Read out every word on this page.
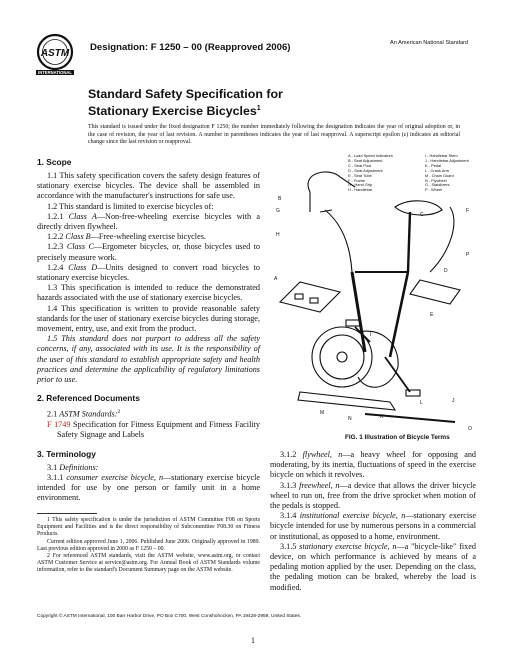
ASTM
INTERNATIONAL
Designation: F 1250 – 00 (Reapproved 2006)	An American National Standard
Standard Safety Specification for
Stationary Exercise Bicycles$^1$
This standard is issued under the fixed designation F 1250; the number immediately following the designation indicates the year of original adoption or, in the case of revision, the year of last revision. A number in parentheses indicates the year of last reapproval. A superscript epsilon (ε) indicates an editorial change since the last revision or reapproval.
1. Scope

1.1 This safety specification covers the safety design features of stationary exercise bicycles. The device shall be assembled in accordance with the manufacturer's instructions for safe use.

1.2 This standard is limited to exercise bicycles of:

1.2.1 Class A—Non-free-wheeling exercise bicycles with a directly driven flywheel.

1.2.2 Class B—Free-wheeling exercise bicycles.

1.2.3 Class C—Ergometer bicycles, or, those bicycles used to precisely measure work.

1.2.4 Class D—Units designed to convert road bicycles to stationary exercise bicycles.

1.3 This specification is intended to reduce the demonstrated hazards associated with the use of stationary exercise bicycles.

1.4 This specification is written to provide reasonable safety standards for the user of stationary exercise bicycles during storage, movement, entry, use, and exit from the product.

1.5 This standard does not purport to address all the safety concerns, if any, associated with its use. It is the responsibility of the user of this standard to establish appropriate safety and health practices and determine the applicability of regulatory limitations prior to use.

2. Referenced Documents

2.1 ASTM Standards:$^2$

F 1749 Specification for Fitness Equipment and Fitness Facility Safety Signage and Labels

3. Terminology

3.1 Definitions:

3.1.1 consumer exercise bicycle, n—stationary exercise bicycle intended for use by one person or family unit in a home environment.

1 This safety specification is under the jurisdiction of ASTM Committee F08 on Sports Equipment and Facilities and is the direct responsibility of Subcommittee F08.30 on Fitness Products.

Current edition approved June 1, 2006. Published June 2006. Originally approved in 1989. Last previous edition approved in 2000 as F 1250 – 00.

2 For referenced ASTM standards, visit the ASTM website, www.astm.org, or contact ASTM Customer Service at service@astm.org. For Annual Book of ASTM Standards volume information, refer to the standard's Document Summary page on the ASTM website.

A - Load Speed Indicators
B - Seat Adjustment
C - Seat Post
D - Seat Adjustment
E - Seat Tube
F - Frame
G - Hand Grip
H - Handlebar
I - Handlebar Stem
J - Handlebar Adjustment
K - Pedal
L - Crank Arm
M - Chain Guard
N - Flywheel
O - Stabilizers
P - Wheel
A
B
C
D
E
F
G
H
I
J
K
L
M
N
O
P
FIG. 1 Illustration of Bicycle Terms

3.1.2 flywheel, n—a heavy wheel for opposing and moderating, by its inertia, fluctuations of speed in the exercise bicycle on which it revolves.

3.1.3 freewheel, n—a device that allows the driver bicycle wheel to run on, free from the drive sprocket when motion of the pedals is stopped.

3.1.4 institutional exercise bicycle, n—stationary exercise bicycle intended for use by numerous persons in a commercial or institutional, as opposed to a home, environment.

3.1.5 stationary exercise bicycle, n—a "bicycle-like" fixed device, on which performance is achieved by means of a pedaling motion applied by the user. Depending on the class, the pedaling motion can be braked, whereby the load is modified.

Copyright © ASTM International, 100 Barr Harbor Drive, PO Box C700, West Conshohocken, PA 19428-2959, United States.
1
